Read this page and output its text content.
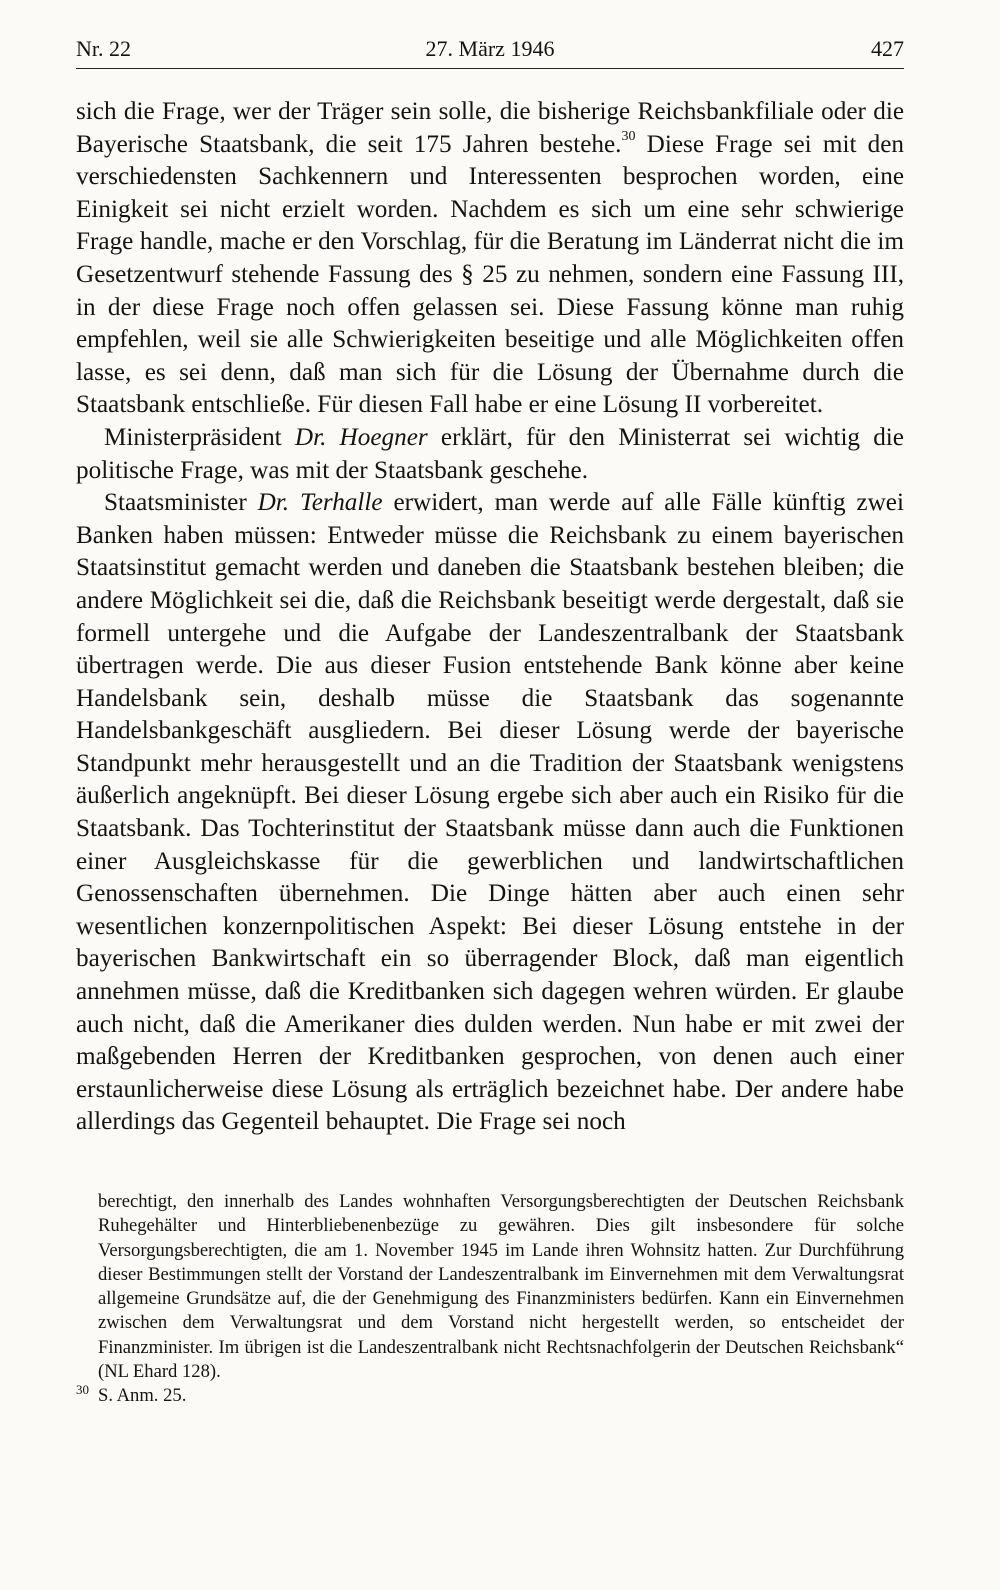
Nr. 22	27. März 1946	427

sich die Frage, wer der Träger sein solle, die bisherige Reichsbankfiliale oder die Bayerische Staatsbank, die seit 175 Jahren bestehe.$^{30}$ Diese Frage sei mit den verschiedensten Sachkennern und Interessenten besprochen worden, eine Einigkeit sei nicht erzielt worden. Nachdem es sich um eine sehr schwierige Frage handle, mache er den Vorschlag, für die Beratung im Länderrat nicht die im Gesetzentwurf stehende Fassung des § 25 zu nehmen, sondern eine Fassung III, in der diese Frage noch offen gelassen sei. Diese Fassung könne man ruhig empfehlen, weil sie alle Schwierigkeiten beseitige und alle Möglichkeiten offen lasse, es sei denn, daß man sich für die Lösung der Übernahme durch die Staatsbank entschließe. Für diesen Fall habe er eine Lösung II vorbereitet.

Ministerpräsident Dr. Hoegner erklärt, für den Ministerrat sei wichtig die politische Frage, was mit der Staatsbank geschehe.

Staatsminister Dr. Terhalle erwidert, man werde auf alle Fälle künftig zwei Banken haben müssen: Entweder müsse die Reichsbank zu einem bayerischen Staatsinstitut gemacht werden und daneben die Staatsbank bestehen bleiben; die andere Möglichkeit sei die, daß die Reichsbank beseitigt werde dergestalt, daß sie formell untergehe und die Aufgabe der Landeszentralbank der Staatsbank übertragen werde. Die aus dieser Fusion entstehende Bank könne aber keine Handelsbank sein, deshalb müsse die Staatsbank das sogenannte Handelsbankgeschäft ausgliedern. Bei dieser Lösung werde der bayerische Standpunkt mehr herausgestellt und an die Tradition der Staatsbank wenigstens äußerlich angeknüpft. Bei dieser Lösung ergebe sich aber auch ein Risiko für die Staatsbank. Das Tochterinstitut der Staatsbank müsse dann auch die Funktionen einer Ausgleichskasse für die gewerblichen und landwirtschaftlichen Genossenschaften übernehmen. Die Dinge hätten aber auch einen sehr wesentlichen konzernpolitischen Aspekt: Bei dieser Lösung entstehe in der bayerischen Bankwirtschaft ein so überragender Block, daß man eigentlich annehmen müsse, daß die Kreditbanken sich dagegen wehren würden. Er glaube auch nicht, daß die Amerikaner dies dulden werden. Nun habe er mit zwei der maßgebenden Herren der Kreditbanken gesprochen, von denen auch einer erstaunlicherweise diese Lösung als erträglich bezeichnet habe. Der andere habe allerdings das Gegenteil behauptet. Die Frage sei noch

berechtigt, den innerhalb des Landes wohnhaften Versorgungsberechtigten der Deutschen Reichsbank Ruhegehälter und Hinterbliebenenbezüge zu gewähren. Dies gilt insbesondere für solche Versorgungsberechtigten, die am 1. November 1945 im Lande ihren Wohnsitz hatten. Zur Durchführung dieser Bestimmungen stellt der Vorstand der Landeszentralbank im Einvernehmen mit dem Verwaltungsrat allgemeine Grundsätze auf, die der Genehmigung des Finanzministers bedürfen. Kann ein Einvernehmen zwischen dem Verwaltungsrat und dem Vorstand nicht hergestellt werden, so entscheidet der Finanzminister. Im übrigen ist die Landeszentralbank nicht Rechtsnachfolgerin der Deutschen Reichsbank“ (NL Ehard 128).

30 S. Anm. 25.
